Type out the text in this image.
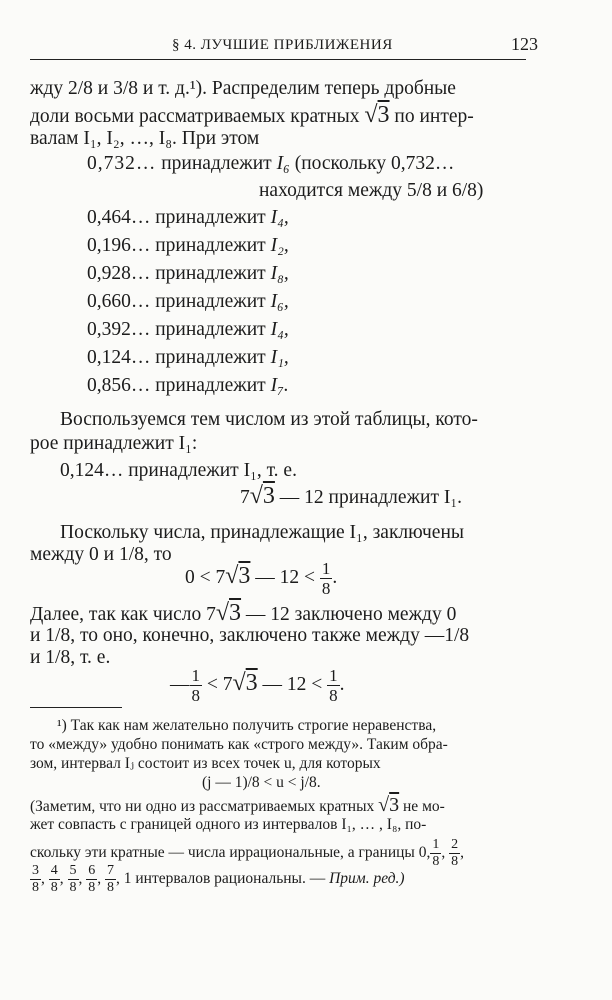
§ 4. ЛУЧШИЕ ПРИБЛИЖЕНИЯ	123
жду 2/8 и 3/8 и т. д.¹). Распределим теперь дробные
доли восьми рассматриваемых кратных √3 по интер-
валам I₁, I₂, …, I₈. При этом
0,732… принадлежит I₆ (поскольку 0,732…
находится между 5/8 и 6/8)
0,464… принадлежит I₄,
0,196… принадлежит I₂,
0,928… принадлежит I₈,
0,660… принадлежит I₆,
0,392… принадлежит I₄,
0,124… принадлежит I₁,
0,856… принадлежит I₇.
Воспользуемся тем числом из этой таблицы, кото-
рое принадлежит I₁:
0,124… принадлежит I₁, т. е.
7√3 — 12 принадлежит I₁.
Поскольку числа, принадлежащие I₁, заключены
между 0 и 1/8, то
0 < 7√3 — $12 < \frac{1}{8}$ .
Далее, так как число 7√3 — 12 заключено между 0
и 1/8, то оно, конечно, заключено также между —1/8
и 1/8, т. е.
— $\frac{1}{8} < 7√3$ — $12 < \frac{1}{8}$ .
¹) Так как нам желательно получить строгие неравенства,
то «между» удобно понимать как «строго между». Таким обра-
зом, интервал Iⱼ состоит из всех точек u, для которых
(j — 1)/8 < u < j/8.
(Заметим, что ни одно из рассматриваемых кратных √3 не мо-
жет совпасть с границей одного из интервалов I₁, … , I₈, по-
скольку эти кратные — числа иррациональные, а границы 0, $\frac{1}{8}$ , $\frac{2}{8}$ ,
$\frac{3}{8}$ , $\frac{4}{8}$ , $\frac{5}{8}$ , $\frac{6}{8}$ , $\frac{7}{8}$ , 1 интервалов рациональны. — Прим. ред.)
